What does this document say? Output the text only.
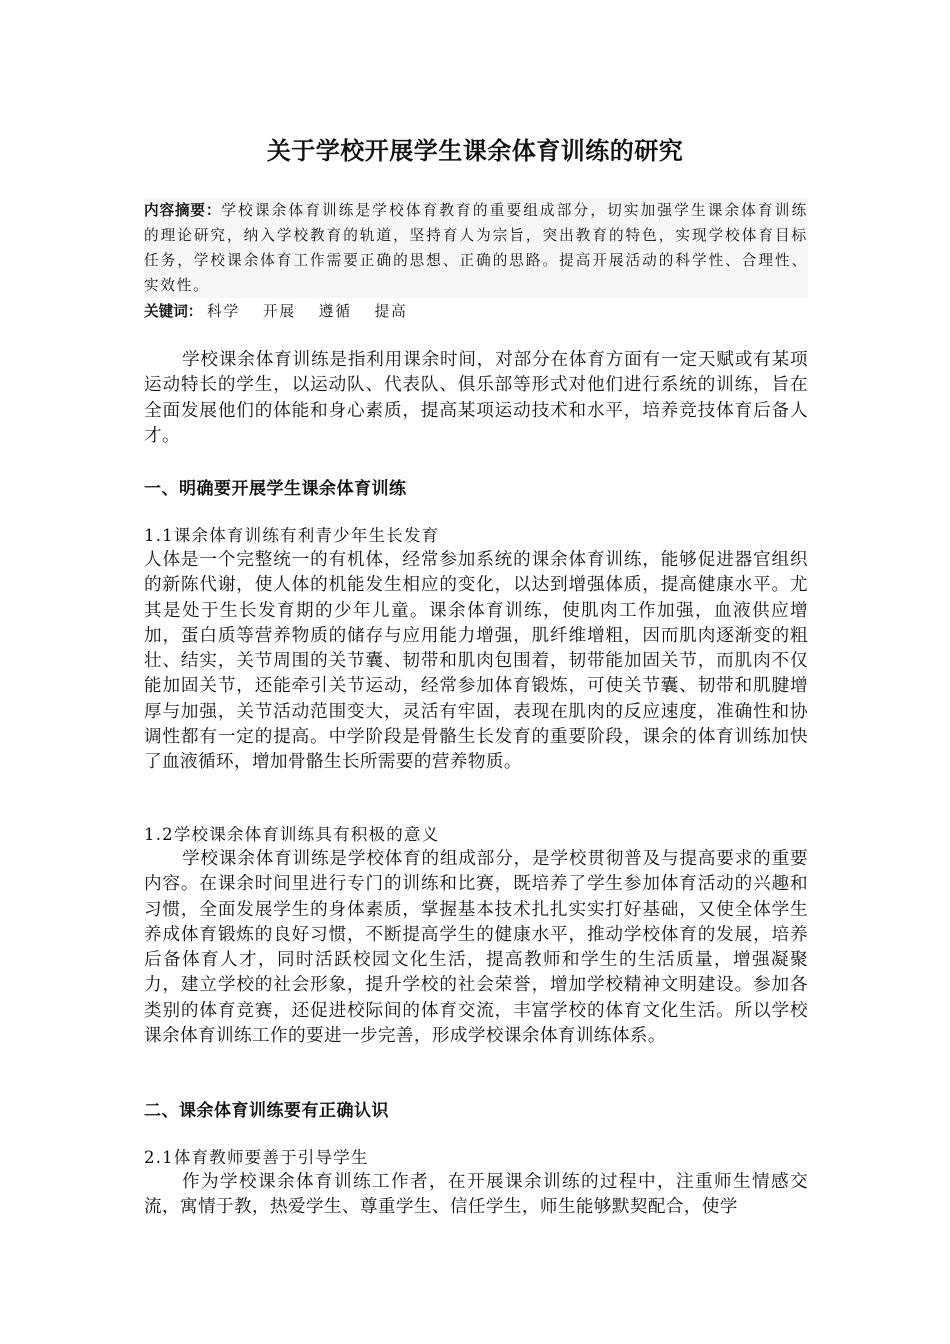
关于学校开展学生课余体育训练的研究
内容摘要：学校课余体育训练是学校体育教育的重要组成部分，切实加强学生课余体育训练的理论研究，纳入学校教育的轨道，坚持育人为宗旨，突出教育的特色，实现学校体育目标任务，学校课余体育工作需要正确的思想、正确的思路。提高开展活动的科学性、合理性、实效性。
关键词： 科学 开展 遵循 提高

学校课余体育训练是指利用课余时间，对部分在体育方面有一定天赋或有某项运动特长的学生，以运动队、代表队、俱乐部等形式对他们进行系统的训练，旨在全面发展他们的体能和身心素质，提高某项运动技术和水平，培养竞技体育后备人才。

一、明确要开展学生课余体育训练
1.1课余体育训练有利青少年生长发育

人体是一个完整统一的有机体，经常参加系统的课余体育训练，能够促进器官组织的新陈代谢，使人体的机能发生相应的变化，以达到增强体质，提高健康水平。尤其是处于生长发育期的少年儿童。课余体育训练，使肌肉工作加强，血液供应增加，蛋白质等营养物质的储存与应用能力增强，肌纤维增粗，因而肌肉逐渐变的粗壮、结实，关节周围的关节囊、韧带和肌肉包围着，韧带能加固关节，而肌肉不仅能加固关节，还能牵引关节运动，经常参加体育锻炼，可使关节囊、韧带和肌腱增厚与加强，关节活动范围变大，灵活有牢固，表现在肌肉的反应速度，准确性和协调性都有一定的提高。中学阶段是骨骼生长发育的重要阶段，课余的体育训练加快了血液循环，增加骨骼生长所需要的营养物质。

1.2学校课余体育训练具有积极的意义

学校课余体育训练是学校体育的组成部分，是学校贯彻普及与提高要求的重要内容。在课余时间里进行专门的训练和比赛，既培养了学生参加体育活动的兴趣和习惯，全面发展学生的身体素质，掌握基本技术扎扎实实打好基础，又使全体学生养成体育锻炼的良好习惯，不断提高学生的健康水平，推动学校体育的发展，培养后备体育人才，同时活跃校园文化生活，提高教师和学生的生活质量，增强凝聚力，建立学校的社会形象，提升学校的社会荣誉，增加学校精神文明建设。参加各类别的体育竞赛，还促进校际间的体育交流，丰富学校的体育文化生活。所以学校课余体育训练工作的要进一步完善，形成学校课余体育训练体系。

二、课余体育训练要有正确认识
2.1体育教师要善于引导学生

作为学校课余体育训练工作者，在开展课余训练的过程中，注重师生情感交流，寓情于教，热爱学生、尊重学生、信任学生，师生能够默契配合，使学
